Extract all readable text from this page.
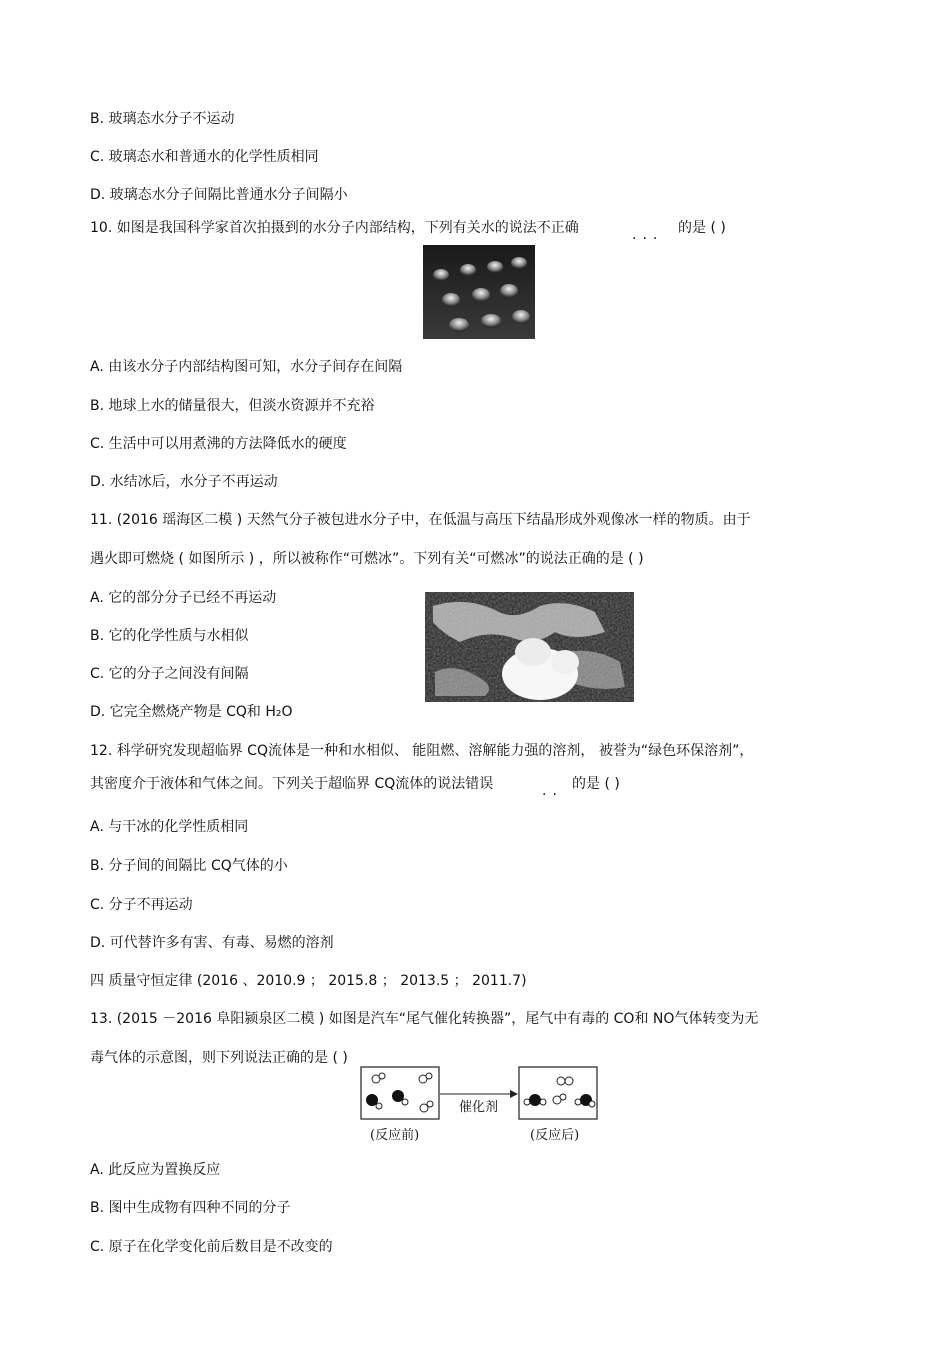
B. 玻璃态水分子不运动
C. 玻璃态水和普通水的化学性质相同
D. 玻璃态水分子间隔比普通水分子间隔小
10. 如图是我国科学家首次拍摄到的水分子内部结构，下列有关水的说法不正确	... 的是 ( )
A. 由该水分子内部结构图可知，水分子间存在间隔
B. 地球上水的储量很大，但淡水资源并不充裕
C. 生活中可以用煮沸的方法降低水的硬度
D. 水结冰后，水分子不再运动
11. (2016 瑶海区二模 ) 天然气分子被包进水分子中，在低温与高压下结晶形成外观像冰一样的物质。由于
遇火即可燃烧 ( 如图所示 ) ，所以被称作“可燃冰”。下列有关“可燃冰”的说法正确的是 ( )
A. 它的部分分子已经不再运动
B. 它的化学性质与水相似
C. 它的分子之间没有间隔
D. 它完全燃烧产物是 CQ和 H₂O
12. 科学研究发现超临界 CQ流体是一种和水相似、 能阻燃、溶解能力强的溶剂， 被誉为“绿色环保溶剂”，
其密度介于液体和气体之间。下列关于超临界 CQ流体的说法错误	.. 的是 ( )
A. 与干冰的化学性质相同
B. 分子间的间隔比 CQ气体的小
C. 分子不再运动
D. 可代替许多有害、有毒、易燃的溶剂
四 质量守恒定律 (2016 、2010.9 ； 2015.8 ； 2013.5 ； 2011.7)
13. (2015 －2016 阜阳颍泉区二模 ) 如图是汽车“尾气催化转换器”，尾气中有毒的 CO和 NO气体转变为无
毒气体的示意图，则下列说法正确的是 ( )
催化剂
(反应前)	(反应后)
A. 此反应为置换反应
B. 图中生成物有四种不同的分子
C. 原子在化学变化前后数目是不改变的
